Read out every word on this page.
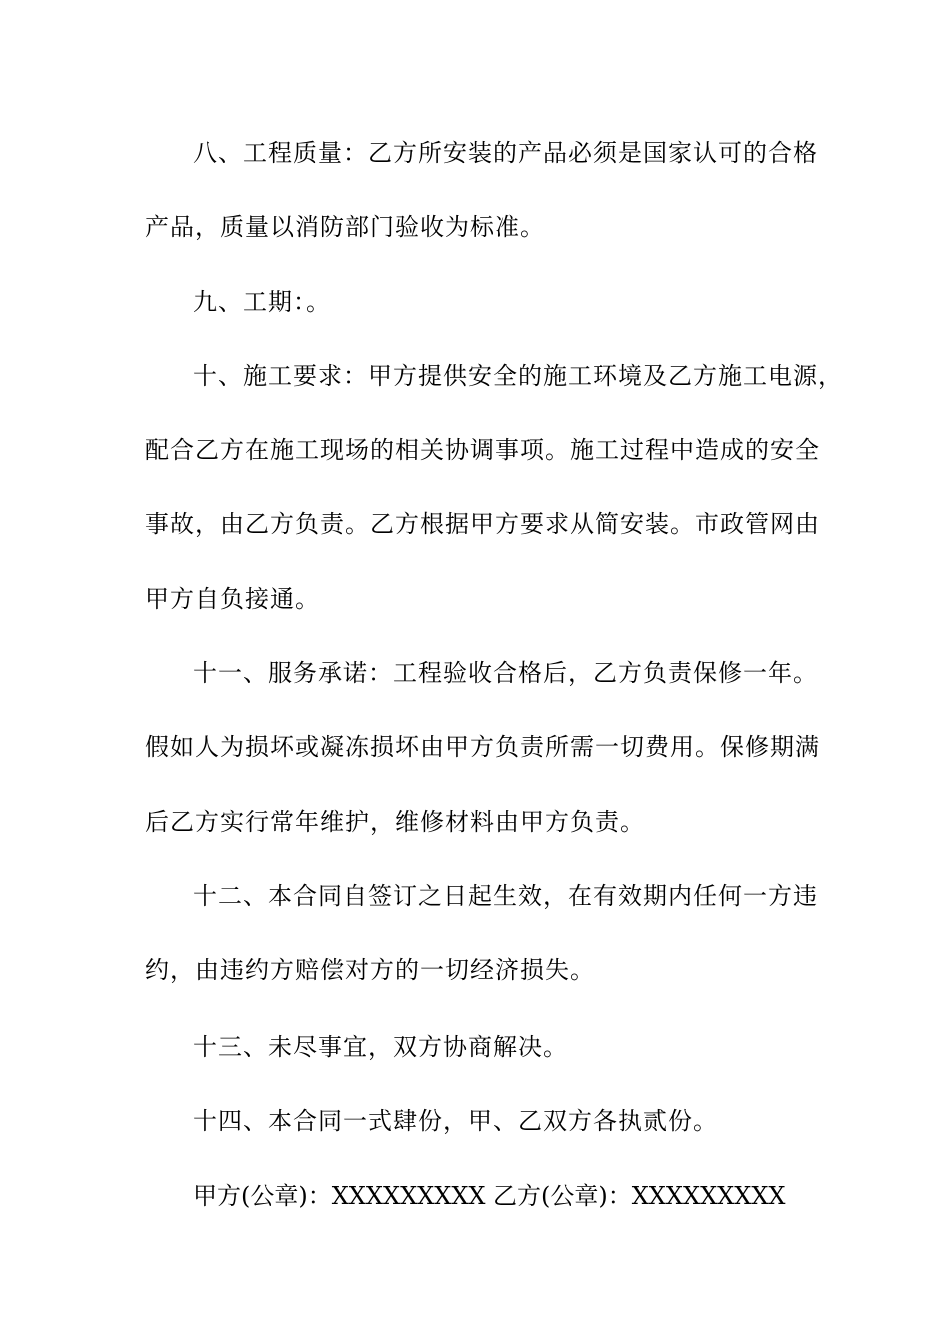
八、工程质量：乙方所安装的产品必须是国家认可的合格
产品，质量以消防部门验收为标准。
九、工期：。
十、施工要求：甲方提供安全的施工环境及乙方施工电源，
配合乙方在施工现场的相关协调事项。施工过程中造成的安全
事故，由乙方负责。乙方根据甲方要求从简安装。市政管网由
甲方自负接通。
十一、服务承诺：工程验收合格后，乙方负责保修一年。
假如人为损坏或凝冻损坏由甲方负责所需一切费用。保修期满
后乙方实行常年维护，维修材料由甲方负责。
十二、本合同自签订之日起生效，在有效期内任何一方违
约，由违约方赔偿对方的一切经济损失。
十三、未尽事宜，双方协商解决。
十四、本合同一式肆份，甲、乙双方各执贰份。
甲方(公章)：XXXXXXXXX 乙方(公章)：XXXXXXXXX
